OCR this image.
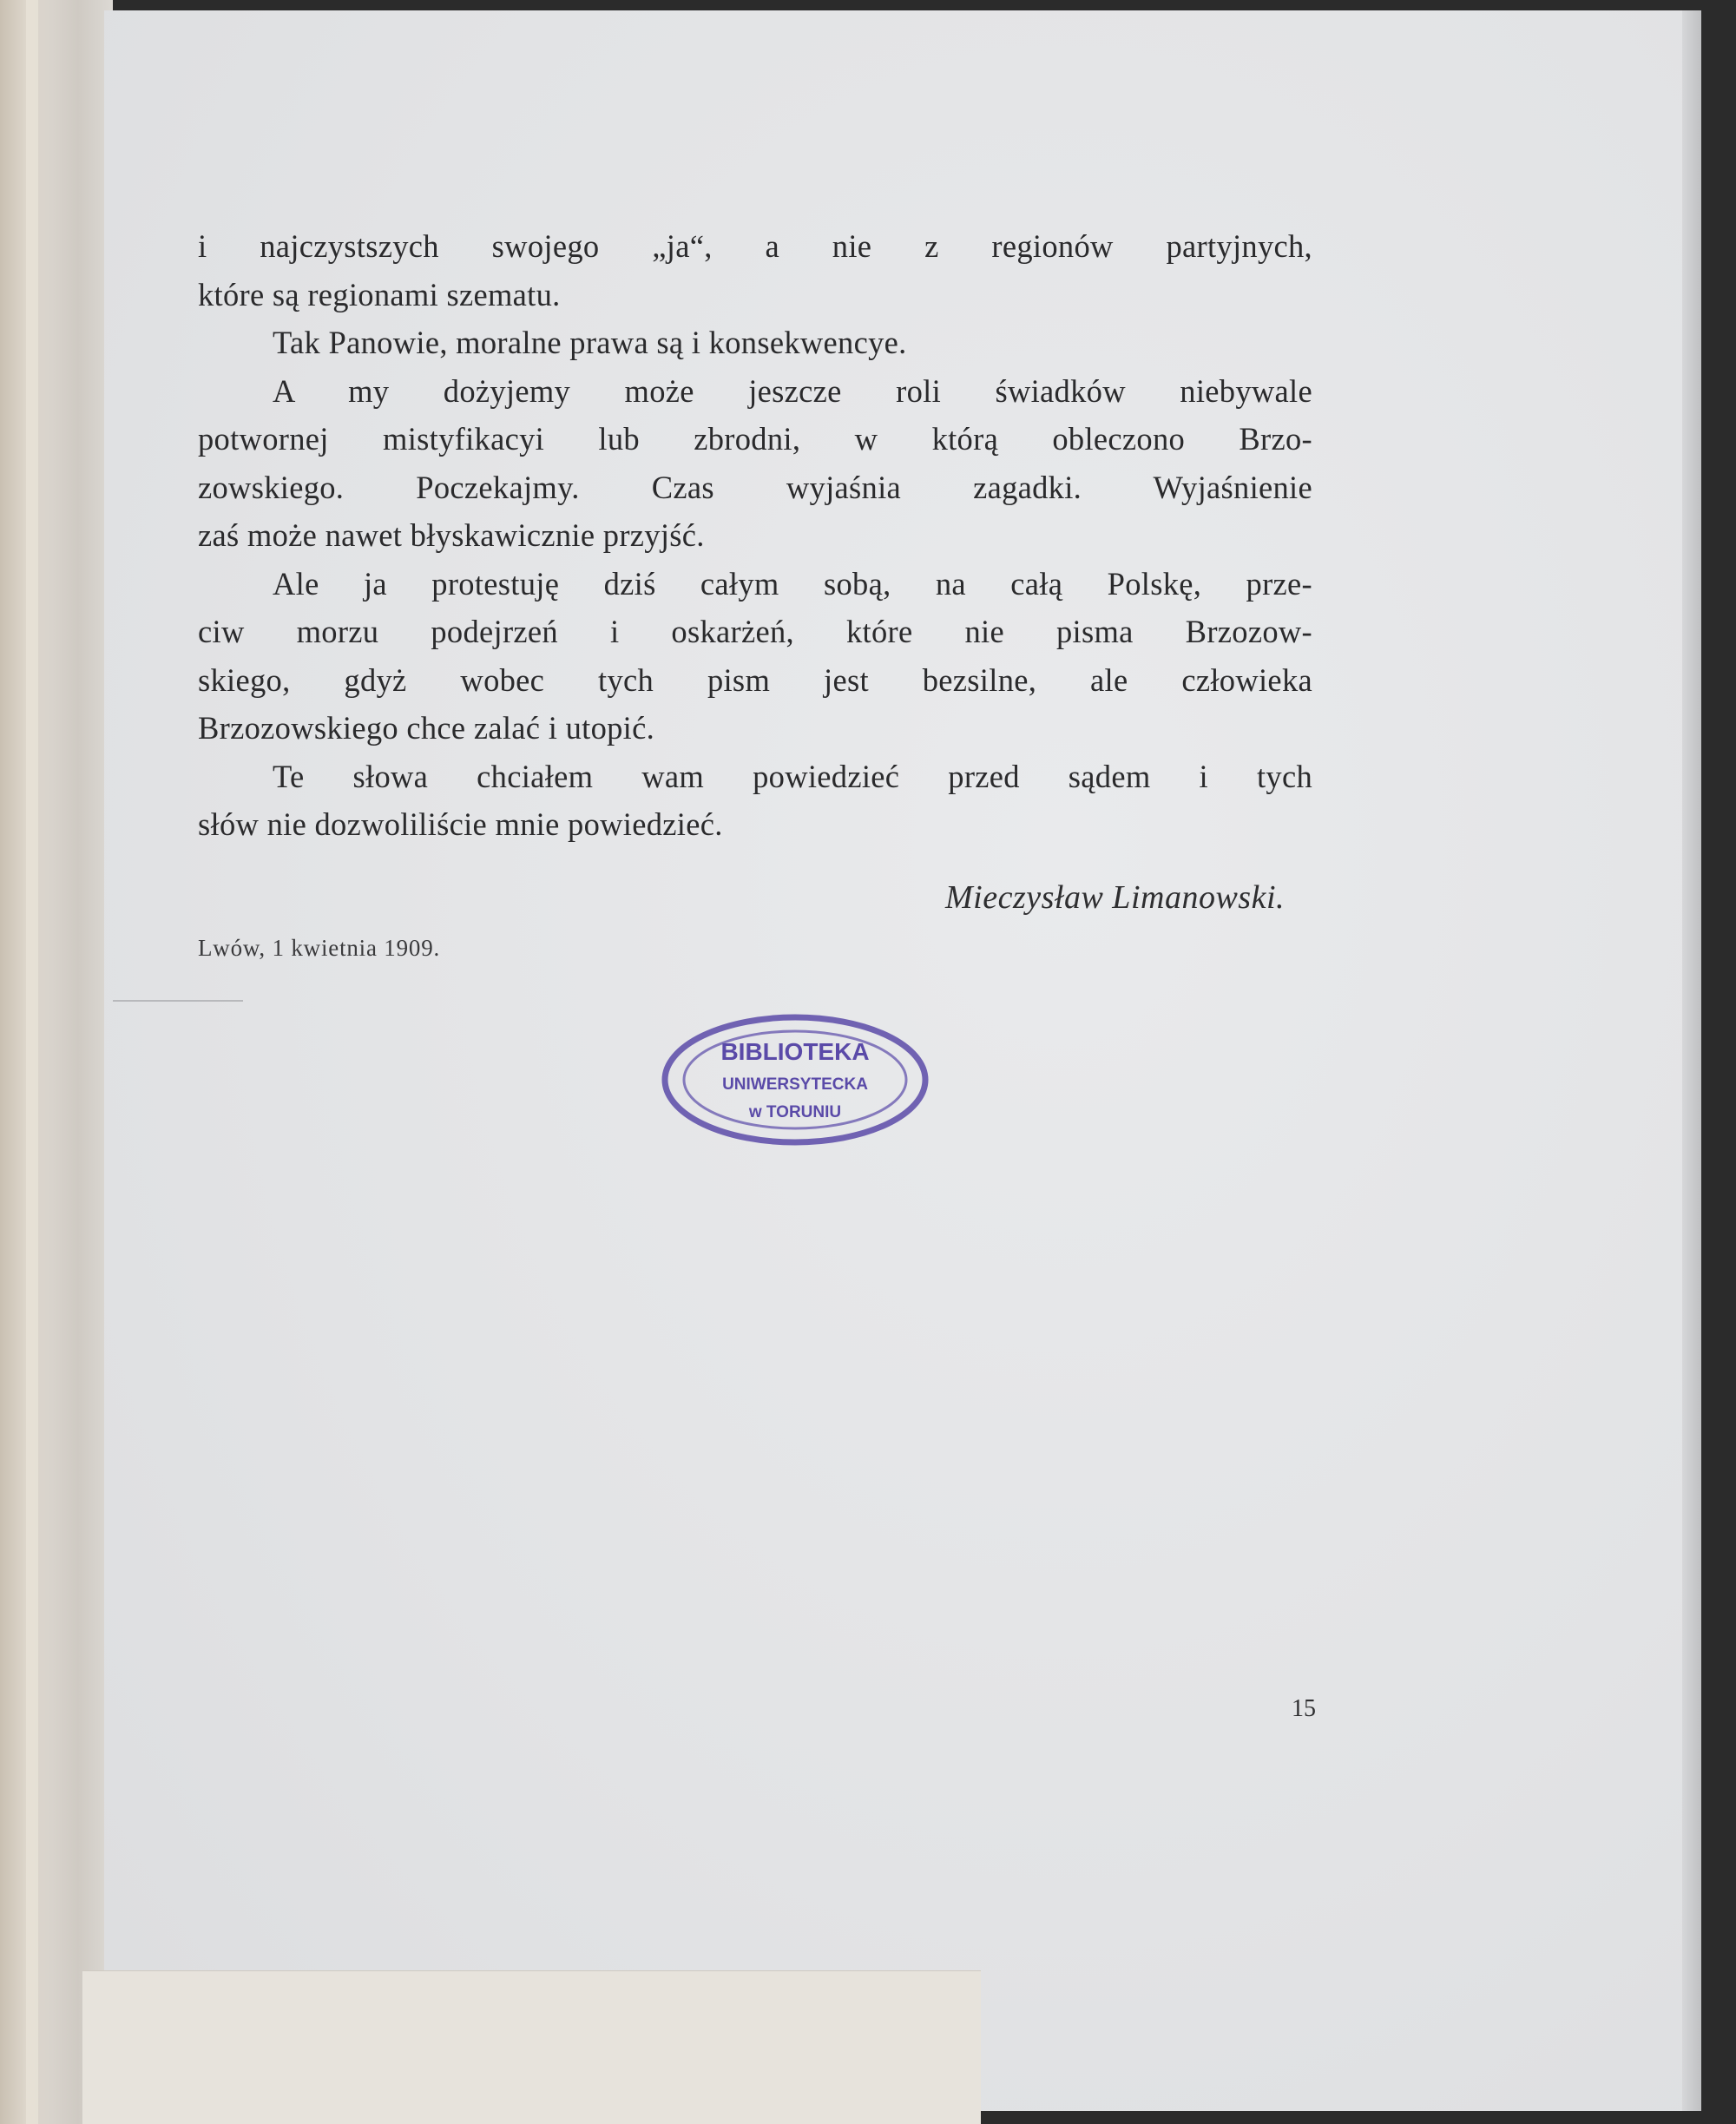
i najczystszych swojego „ja“, a nie z regionów partyjnych,
które są regionami szematu.
Tak Panowie, moralne prawa są i konsekwencye.
A my dożyjemy może jeszcze roli świadków niebywale
potwornej mistyfikacyi lub zbrodni, w którą obleczono Brzo-
zowskiego. Poczekajmy. Czas wyjaśnia zagadki. Wyjaśnienie
zaś może nawet błyskawicznie przyjść.
Ale ja protestuję dziś całym sobą, na całą Polskę, prze-
ciw morzu podejrzeń i oskarżeń, które nie pisma Brzozow-
skiego, gdyż wobec tych pism jest bezsilne, ale człowieka
Brzozowskiego chce zalać i utopić.
Te słowa chciałem wam powiedzieć przed sądem i tych
słów nie dozwoliliście mnie powiedzieć.
Mieczysław Limanowski.
Lwów, 1 kwietnia 1909.
BIBLIOTEKA
UNIWERSYTECKA
w TORUNIU
15
